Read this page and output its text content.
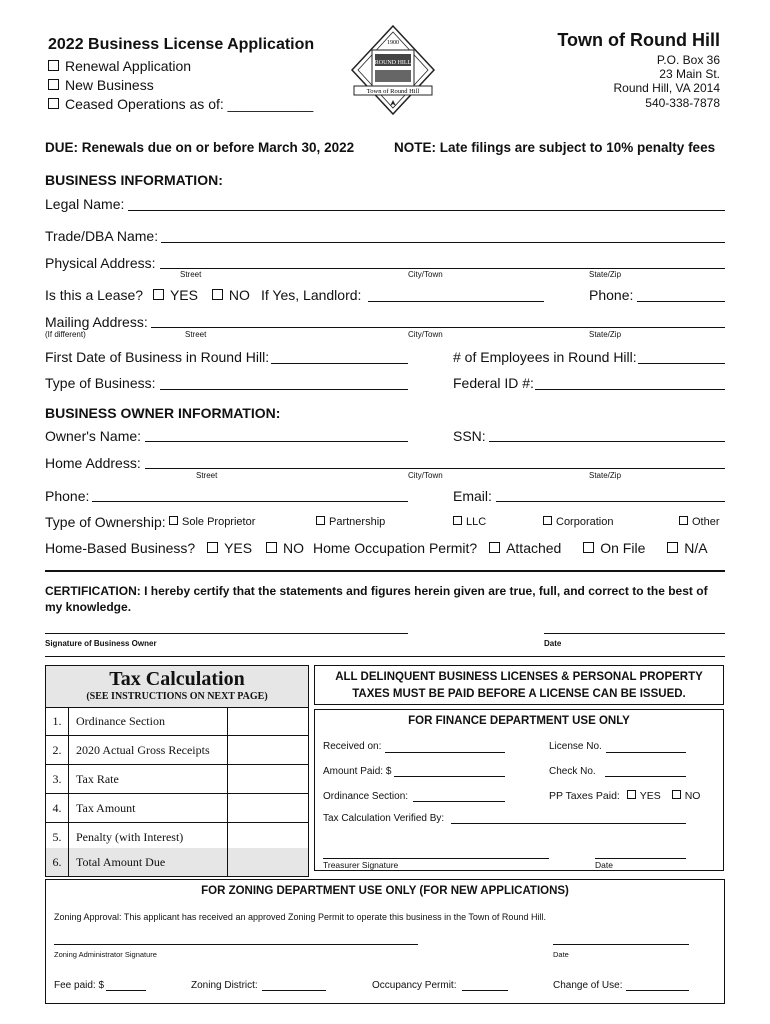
2022 Business License Application
Renewal Application
New Business
Ceased Operations as of: ___________
Town of Round Hill
1900
ROUND HILL
Town of Round Hill
P.O. Box 36
23 Main St.
Round Hill, VA 2014
540-338-7878
DUE: Renewals due on or before March 30, 2022	NOTE: Late filings are subject to 10% penalty fees
BUSINESS INFORMATION:
Legal Name:
Trade/DBA Name:
Physical Address:
Street	City/Town	State/Zip
Is this a Lease? YES NO If Yes, Landlord:	Phone:
Mailing Address:
(If different)	Street	City/Town	State/Zip
First Date of Business in Round Hill:	# of Employees in Round Hill:
Type of Business:	Federal ID #:
BUSINESS OWNER INFORMATION:
Owner's Name:	SSN:
Home Address:
Street	City/Town	State/Zip
Phone:	Email:
Type of Ownership:	Sole Proprietor	Partnership	LLC	Corporation	Other
Home-Based Business? YES NO Home Occupation Permit? Attached	On File	N/A
CERTIFICATION: I hereby certify that the statements and figures herein given are true, full, and correct to the best of my knowledge.
Signature of Business Owner	Date
Tax Calculation
(SEE INSTRUCTIONS ON NEXT PAGE)
1.	Ordinance Section
2.	2020 Actual Gross Receipts
3.	Tax Rate
4.	Tax Amount
5.	Penalty (with Interest)
6.	Total Amount Due
ALL DELINQUENT BUSINESS LICENSES & PERSONAL PROPERTY
TAXES MUST BE PAID BEFORE A LICENSE CAN BE ISSUED.
FOR FINANCE DEPARTMENT USE ONLY
Received on:	License No.
Amount Paid: $	Check No.
Ordinance Section:	PP Taxes Paid: YES NO
Tax Calculation Verified By:
Treasurer Signature	Date
FOR ZONING DEPARTMENT USE ONLY (FOR NEW APPLICATIONS)
Zoning Approval: This applicant has received an approved Zoning Permit to operate this business in the Town of Round Hill.
Zoning Administrator Signature	Date
Fee paid: $	Zoning District:	Occupancy Permit:	Change of Use:
